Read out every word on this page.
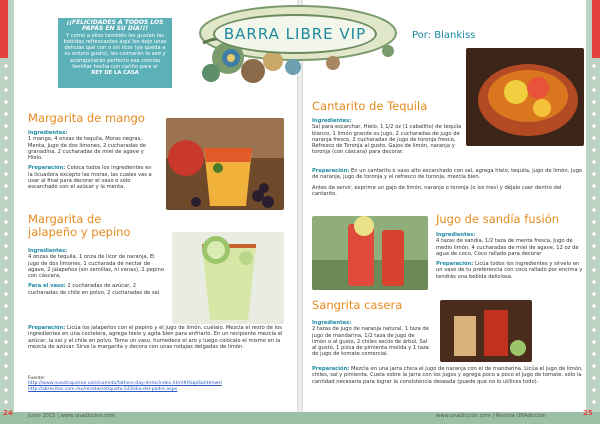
¡¡FELICIDADES A TODOS LOS PAPÁS EN SU DÍA!!!
Y como a ellos también les gustan las bebidas refrescantes aquí les dejo unas delicias que con o sin licor (ya queda a su entero gusto), les calmarán la sed y acompañarán perfecto esa comida familiar hecha con cariño para el
REY DE LA CASA
BARRA LIBRE VIP	Por: Blankiss
Margarita de mango
Ingredientes:
1 mango, 4 onzas de tequila, Moras negras, Menta, Jugo de dos limones, 2 cucharadas de granadina, 2 cucharadas de miel de agave y Hielo.
Preparación: Coloca todos los ingredientes en la licuadora excepto las moras, las cuales vas a usar al final para decorar el vaso o sólo escarchado con el azúcar y la menta.
Margarita de
jalapeño y pepino
Ingredientes:
4 onzas de tequila, 1 onza de licor de naranja, El jugo de dos limones, 1 cucharada de néctar de agave, 2 jalapeños (sin semillas, ni venas), 1 pepino con cáscara,
Para el vaso: 2 cucharadas de azúcar, 2 cucharadas de chile en polvo, 2 cucharadas de sal.
Preparación: Licúa los jalapeños con el pepino y el jugo de limón, cuélalo. Mezcla el resto de los ingredientes en una coctelera, agrega hielo y agita bien para enfriarlo. En un recipiente mezcla el azúcar, la sal y el chile en polvo. Toma un vaso, humedece el aro y luego colócalo el mismo en la mezcla de azúcar. Sirve la margarita y decora con unas rodajas delgadas de limón.
Fuente:
http://www.nuestrapanne.com/comida/fathers-day-drink/index.html#lfaqzSahHmwH
http://abrecitas.com.mx/recetas/etiqueta-543/dia-del-padre.aspx
Cantarito de Tequila
Ingredientes:
Sal para escarchar, Hielo, 1 1/2 oz (1 caballito) de tequila blanco, 1 limón grande su jugo, 2 cucharadas de jugo de naranja fresco, 2 cucharadas de jugo de toronja fresco, Refresco de Toronja al gusto, Gajos de limón, naranja y toronja (con cáscara) para decorar.
Preparación: En un cantarito o vaso alto escarchado con sal, agrega hielo, tequila, jugo de limón, jugo de naranja, jugo de toronja y el refresco de toronja, mezcla bien.
Antes de servir, exprime un gajo de limón, naranja o toronja (o los tres) y déjalo caer dentro del cantarito.
Jugo de sandía fusión
Ingredientes:
4 tazas de sandía, 1/2 taza de menta fresca, Jugo de medio limón, 4 cucharadas de miel de agave, 12 oz de agua de coco, Coco rallado para decorar
Preparación: Licúa todos los ingredientes y sírvelo en un vaso de tu preferencia con coco rallado por encima y tendrás una bebida deliciosa.
Sangrita casera
Ingredientes:
2 tazas de jugo de naranja natural, 1 taza de jugo de mandarina, 1/2 taza de jugo de limón o al gusto, 2 chiles secos de árbol, Sal al gusto, 1 pizca de pimienta molida y 1 taza de jugo de tomate comercial.
Preparación: Mezcla en una jarra chica el jugo de naranja con el de mandarina. Licúa el jugo de limón, chiles, sal y pimienta. Cuela sobre la jarra con los jugos y agrega poco a poco el jugo de tomate, sólo la cantidad necesaria para lograr la consistencia deseada (puede que no lo utilices todo).
24	Junio 2015 | www.unadiccion.com	www.unadiccion.com | Revista UNAdicción	25
